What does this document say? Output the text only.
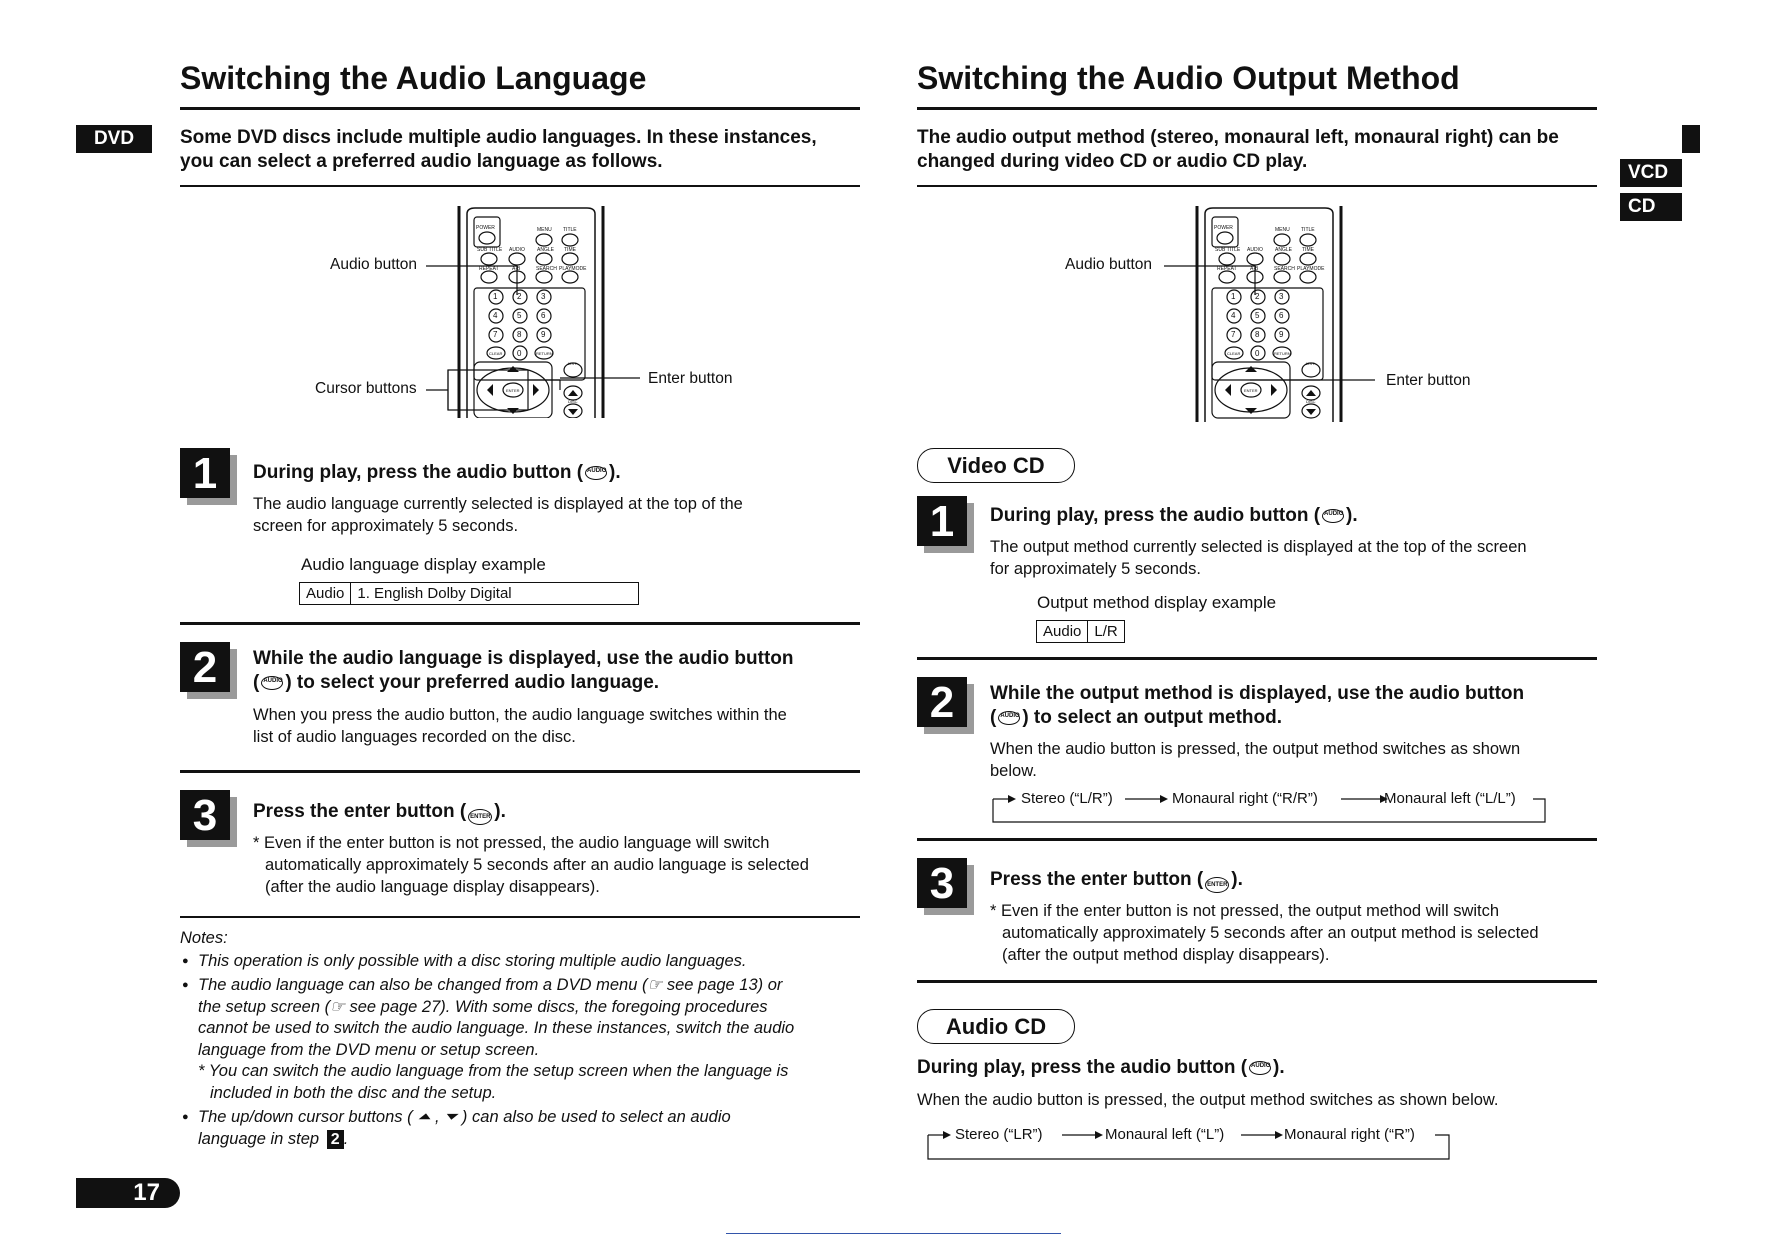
Switching the Audio Language
DVD	Some DVD discs include multiple audio languages. In these instances,
you can select a preferred audio language as follows.
POWER	MENU TITLE
SUB TITLE AUDIO ANGLE TIME
REPEAT	A-B	SEARCH PLAYMODE
1 2 3
4 5 6
7 8 9
CLEAR 0	RETURN
LIST
ENTER
DISC
Audio button
Cursor buttons
Enter button
1	During play, press the audio button ( AUDIO ).
The audio language currently selected is displayed at the top of the
screen for approximately 5 seconds.
Audio language display example
Audio 1. English Dolby Digital
2	While the audio language is displayed, use the audio button
( AUDIO ) to select your preferred audio language.
When you press the audio button, the audio language switches within the
list of audio languages recorded on the disc.
3	Press the enter button ( ENTER ).
* Even if the enter button is not pressed, the audio language will switch
automatically approximately 5 seconds after an audio language is selected
(after the audio language display disappears).
Notes:
● This operation is only possible with a disc storing multiple audio languages.
● The audio language can also be changed from a DVD menu (☞ see page 13) or
the setup screen (☞ see page 27). With some discs, the foregoing procedures
cannot be used to switch the audio language. In these instances, switch the audio
language from the DVD menu or setup screen.
* You can switch the audio language from the setup screen when the language is
included in both the disc and the setup.
● The up/down cursor buttons ( ⏶ , ⏷ ) can also be used to select an audio
language in step 2 .
17
Switching the Audio Output Method
VCD
CD
The audio output method (stereo, monaural left, monaural right) can be
changed during video CD or audio CD play.
POWER	MENU TITLE
SUB TITLE AUDIO ANGLE TIME
REPEAT	A-B	SEARCH PLAYMODE
1 2 3
4 5 6
7 8 9
CLEAR 0	RETURN
LIST
ENTER
DISC
Audio button
Enter button
Video CD
1	During play, press the audio button ( AUDIO ).
The output method currently selected is displayed at the top of the screen
for approximately 5 seconds.
Output method display example
Audio L/R
2	While the output method is displayed, use the audio button
( AUDIO ) to select an output method.
When the audio button is pressed, the output method switches as shown
below.
Stereo (“L/R”)	Monaural right (“R/R”)	Monaural left (“L/L”)
3	Press the enter button ( ENTER ).
* Even if the enter button is not pressed, the output method will switch
automatically approximately 5 seconds after an output method is selected
(after the output method display disappears).
Audio CD
During play, press the audio button ( AUDIO ).
When the audio button is pressed, the output method switches as shown below.
Stereo (“LR”)	Monaural left (“L”)	Monaural right (“R”)
